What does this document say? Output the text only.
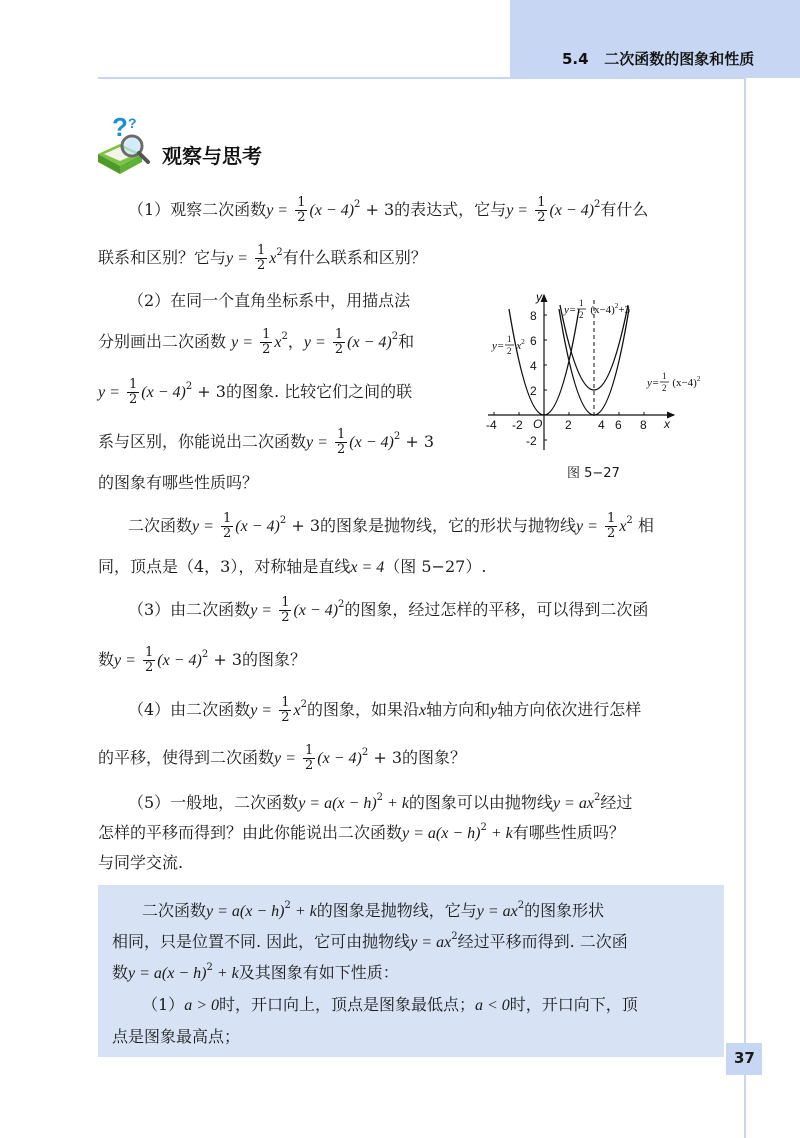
5.4 二次函数的图象和性质
? ?
观察与思考
（1）观察二次函数$y = \frac{1}{2} (x - 4)^2 + 3$的表达式，它与$y = \frac{1}{2} (x - 4)^2$有什么
联系和区别？它与$y = \frac{1}{2} x^2$有什么联系和区别？
（2）在同一个直角坐标系中，用描点法
分别画出二次函数 $y = \frac{1}{2} x^2$，$y = \frac{1}{2} (x - 4)^2$和
$y = \frac{1}{2} (x - 4)^2 + 3$的图象. 比较它们之间的联
系与区别，你能说出二次函数$y = \frac{1}{2} (x - 4)^2 + 3$
的图象有哪些性质吗？
-4 -2	2 4 6 8
8
6
4
2
-2
O	x
y
$y= (x-4)^2+3$
1
2
$y= x^2$
1
2
$y= (x-4)^2$
1
2
图 5−27
二次函数$y = \frac{1}{2} (x - 4)^2 + 3$的图象是抛物线，它的形状与抛物线$y = \frac{1}{2} x^2$ 相
同，顶点是（4，3），对称轴是直线x = 4（图 5−27）.
（3）由二次函数$y = \frac{1}{2} (x - 4)^2$的图象，经过怎样的平移，可以得到二次函
数$y = \frac{1}{2} (x - 4)^2 + 3$的图象？
（4）由二次函数$y = \frac{1}{2} x^2$的图象，如果沿x轴方向和y轴方向依次进行怎样
的平移，使得到二次函数$y = \frac{1}{2} (x - 4)^2 + 3$的图象？
（5）一般地，二次函数$y = a(x - h)^2 + k$的图象可以由抛物线$y = ax^2$经过
怎样的平移而得到？由此你能说出二次函数$y = a(x - h)^2 + k$有哪些性质吗？
与同学交流.
二次函数$y = a(x - h)^2 + k$的图象是抛物线，它与$y = ax^2$的图象形状
相同，只是位置不同. 因此，它可由抛物线$y = ax^2$经过平移而得到. 二次函
数$y = a(x - h)^2 + k$及其图象有如下性质：
（1）a > 0时，开口向上，顶点是图象最低点；a < 0时，开口向下，顶
点是图象最高点；
37
